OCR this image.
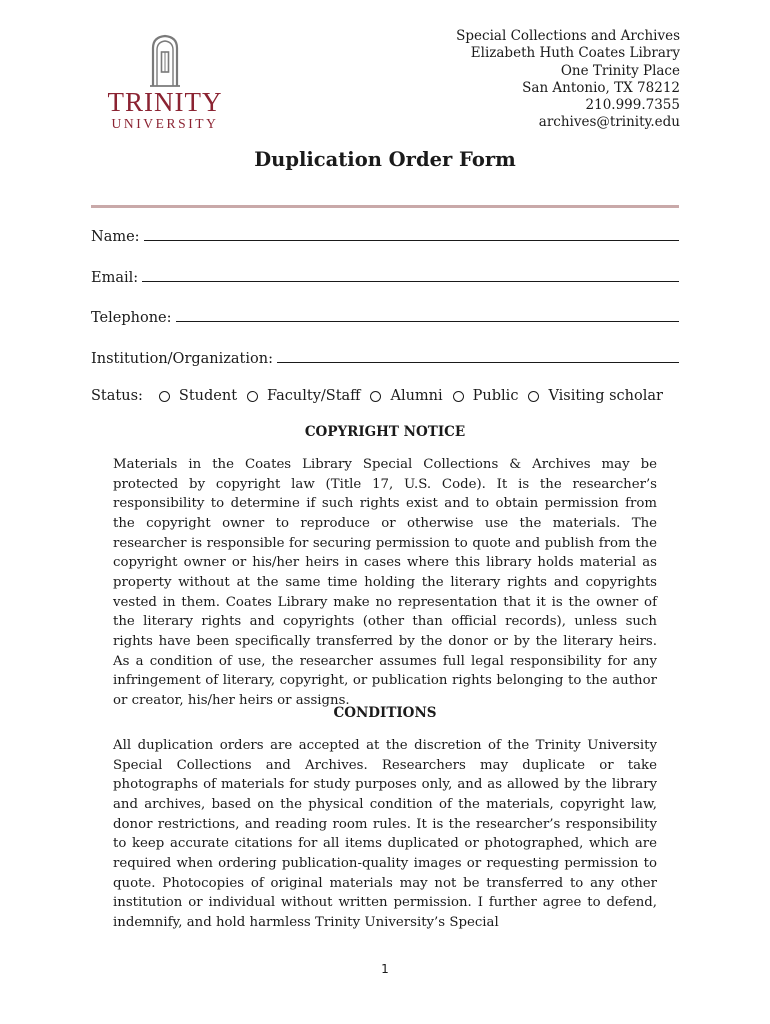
TRINITY
UNIVERSITY
Special Collections and Archives
Elizabeth Huth Coates Library
One Trinity Place
San Antonio, TX 78212
210.999.7355
archives@trinity.edu
Duplication Order Form
Name:
Email:
Telephone:
Institution/Organization:
Status: Student Faculty/Staff Alumni Public Visiting scholar
COPYRIGHT NOTICE
Materials in the Coates Library Special Collections & Archives may be protected by copyright law (Title 17, U.S. Code). It is the researcher’s responsibility to determine if such rights exist and to obtain permission from the copyright owner to reproduce or otherwise use the materials. The researcher is responsible for securing permission to quote and publish from the copyright owner or his/her heirs in cases where this library holds material as property without at the same time holding the literary rights and copyrights vested in them. Coates Library make no representation that it is the owner of the literary rights and copyrights (other than official records), unless such rights have been specifically transferred by the donor or by the literary heirs. As a condition of use, the researcher assumes full legal responsibility for any infringement of literary, copyright, or publication rights belonging to the author or creator, his/her heirs or assigns.
CONDITIONS
All duplication orders are accepted at the discretion of the Trinity University Special Collections and Archives. Researchers may duplicate or take photographs of materials for study purposes only, and as allowed by the library and archives, based on the physical condition of the materials, copyright law, donor restrictions, and reading room rules. It is the researcher’s responsibility to keep accurate citations for all items duplicated or photographed, which are required when ordering publication-quality images or requesting permission to quote. Photocopies of original materials may not be transferred to any other institution or individual without written permission. I further agree to defend, indemnify, and hold harmless Trinity University’s Special
1
